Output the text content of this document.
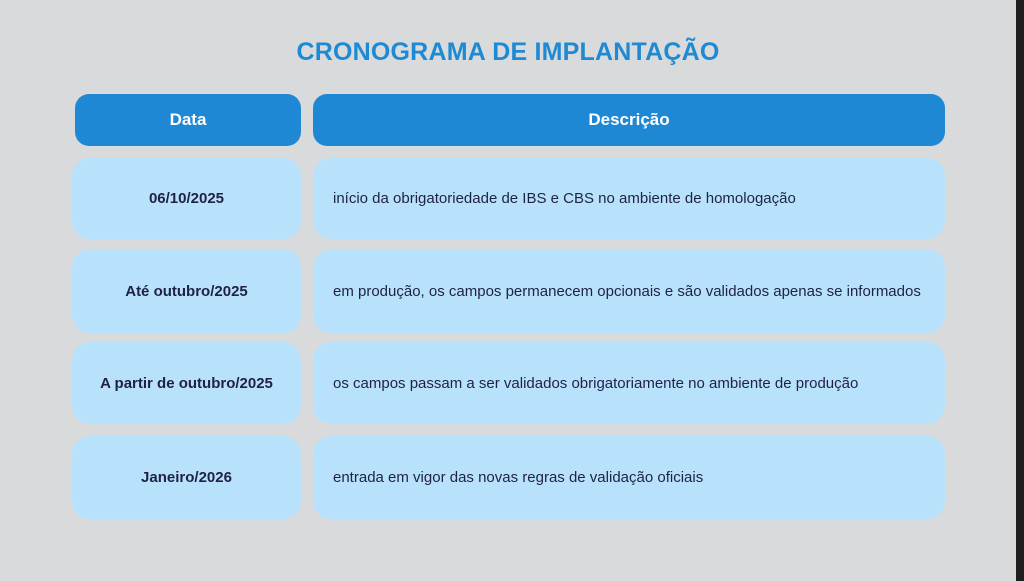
CRONOGRAMA DE IMPLANTAÇÃO
Data	Descrição
06/10/2025	início da obrigatoriedade de IBS e CBS no ambiente de homologação
Até outubro/2025	em produção, os campos permanecem opcionais e são validados apenas se informados
A partir de outubro/2025	os campos passam a ser validados obrigatoriamente no ambiente de produção
Janeiro/2026	entrada em vigor das novas regras de validação oficiais
